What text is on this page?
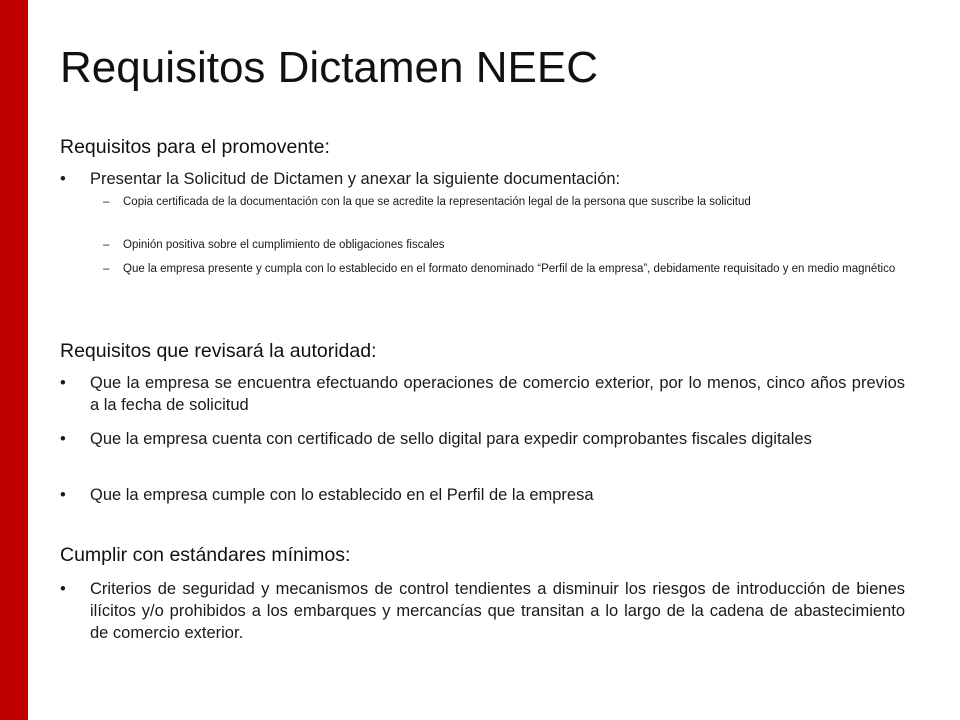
Requisitos Dictamen NEEC
Requisitos para el promovente:
•	Presentar la Solicitud de Dictamen y anexar la siguiente documentación:
–	Copia certificada de la documentación con la que se acredite la representación legal de la persona que suscribe la solicitud
–	Opinión positiva sobre el cumplimiento de obligaciones fiscales
–	Que la empresa presente y cumpla con lo establecido en el formato denominado “Perfil de la empresa”, debidamente requisitado y en medio magnético
Requisitos que revisará la autoridad:
•	Que la empresa se encuentra efectuando operaciones de comercio exterior, por lo menos, cinco años previos a la fecha de solicitud
•	Que la empresa cuenta con certificado de sello digital para expedir comprobantes fiscales digitales
•	Que la empresa cumple con lo establecido en el Perfil de la empresa
Cumplir con estándares mínimos:
•	Criterios de seguridad y mecanismos de control tendientes a disminuir los riesgos de introducción de bienes ilícitos y/o prohibidos a los embarques y mercancías que transitan a lo largo de la cadena de abastecimiento de comercio exterior.
